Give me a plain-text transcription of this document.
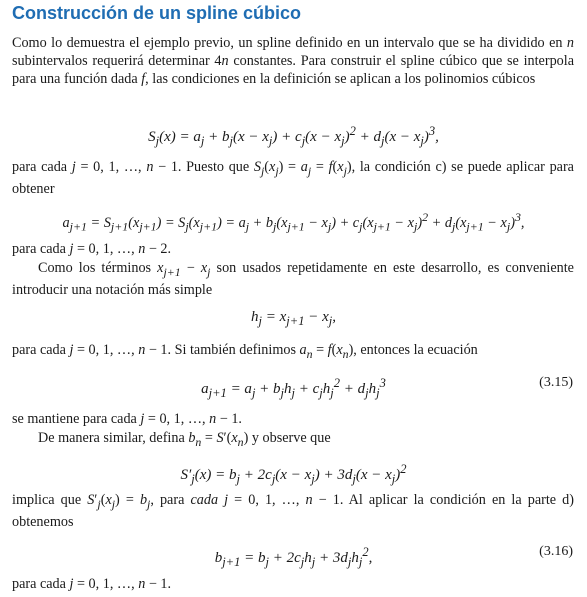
Construcción de un spline cúbico
Como lo demuestra el ejemplo previo, un spline definido en un intervalo que se ha dividido en n subintervalos requerirá determinar 4n constantes. Para construir el spline cúbico que se interpola para una función dada f, las condiciones en la definición se aplican a los polinomios cúbicos
$S_j(x) = a_j + b_j(x - x_j) + c_j(x - x_j)^2 + d_j(x - x_j)^3$,
para cada j = 0, 1, …, n − 1. Puesto que $S_j(x_j) = a_j = f(x_j)$, la condición c) se puede aplicar para obtener
$a_{j+1} = S_{j+1}(x_{j+1}) = S_j(x_{j+1}) = a_j + b_j(x_{j+1} - x_j) + c_j(x_{j+1} - x_j)^2 + d_j(x_{j+1} - x_j)^3$,
para cada j = 0, 1, …, n − 2.
Como los términos $x_{j+1} - x_j$ son usados repetidamente en este desarrollo, es conveniente introducir una notación más simple
$h_j = x_{j+1} - x_j$,
para cada j = 0, 1, …, n − 1. Si también definimos $a_n = f(x_n)$, entonces la ecuación
$a_{j+1} = a_j + b_jh_j + c_jh_j^2 + d_jh_j^3$	(3.15)
se mantiene para cada j = 0, 1, …, n − 1.
De manera similar, defina $b_n = S'(x_n)$ y observe que
$S'_j(x) = b_j + 2c_j(x - x_j) + 3d_j(x - x_j)^2$
implica que $S'_j(x_j) = b_j$, para cada j = 0, 1, …, n − 1. Al aplicar la condición en la parte d) obtenemos
$b_{j+1} = b_j + 2c_jh_j + 3d_jh_j^2$,	(3.16)
para cada j = 0, 1, …, n − 1.
